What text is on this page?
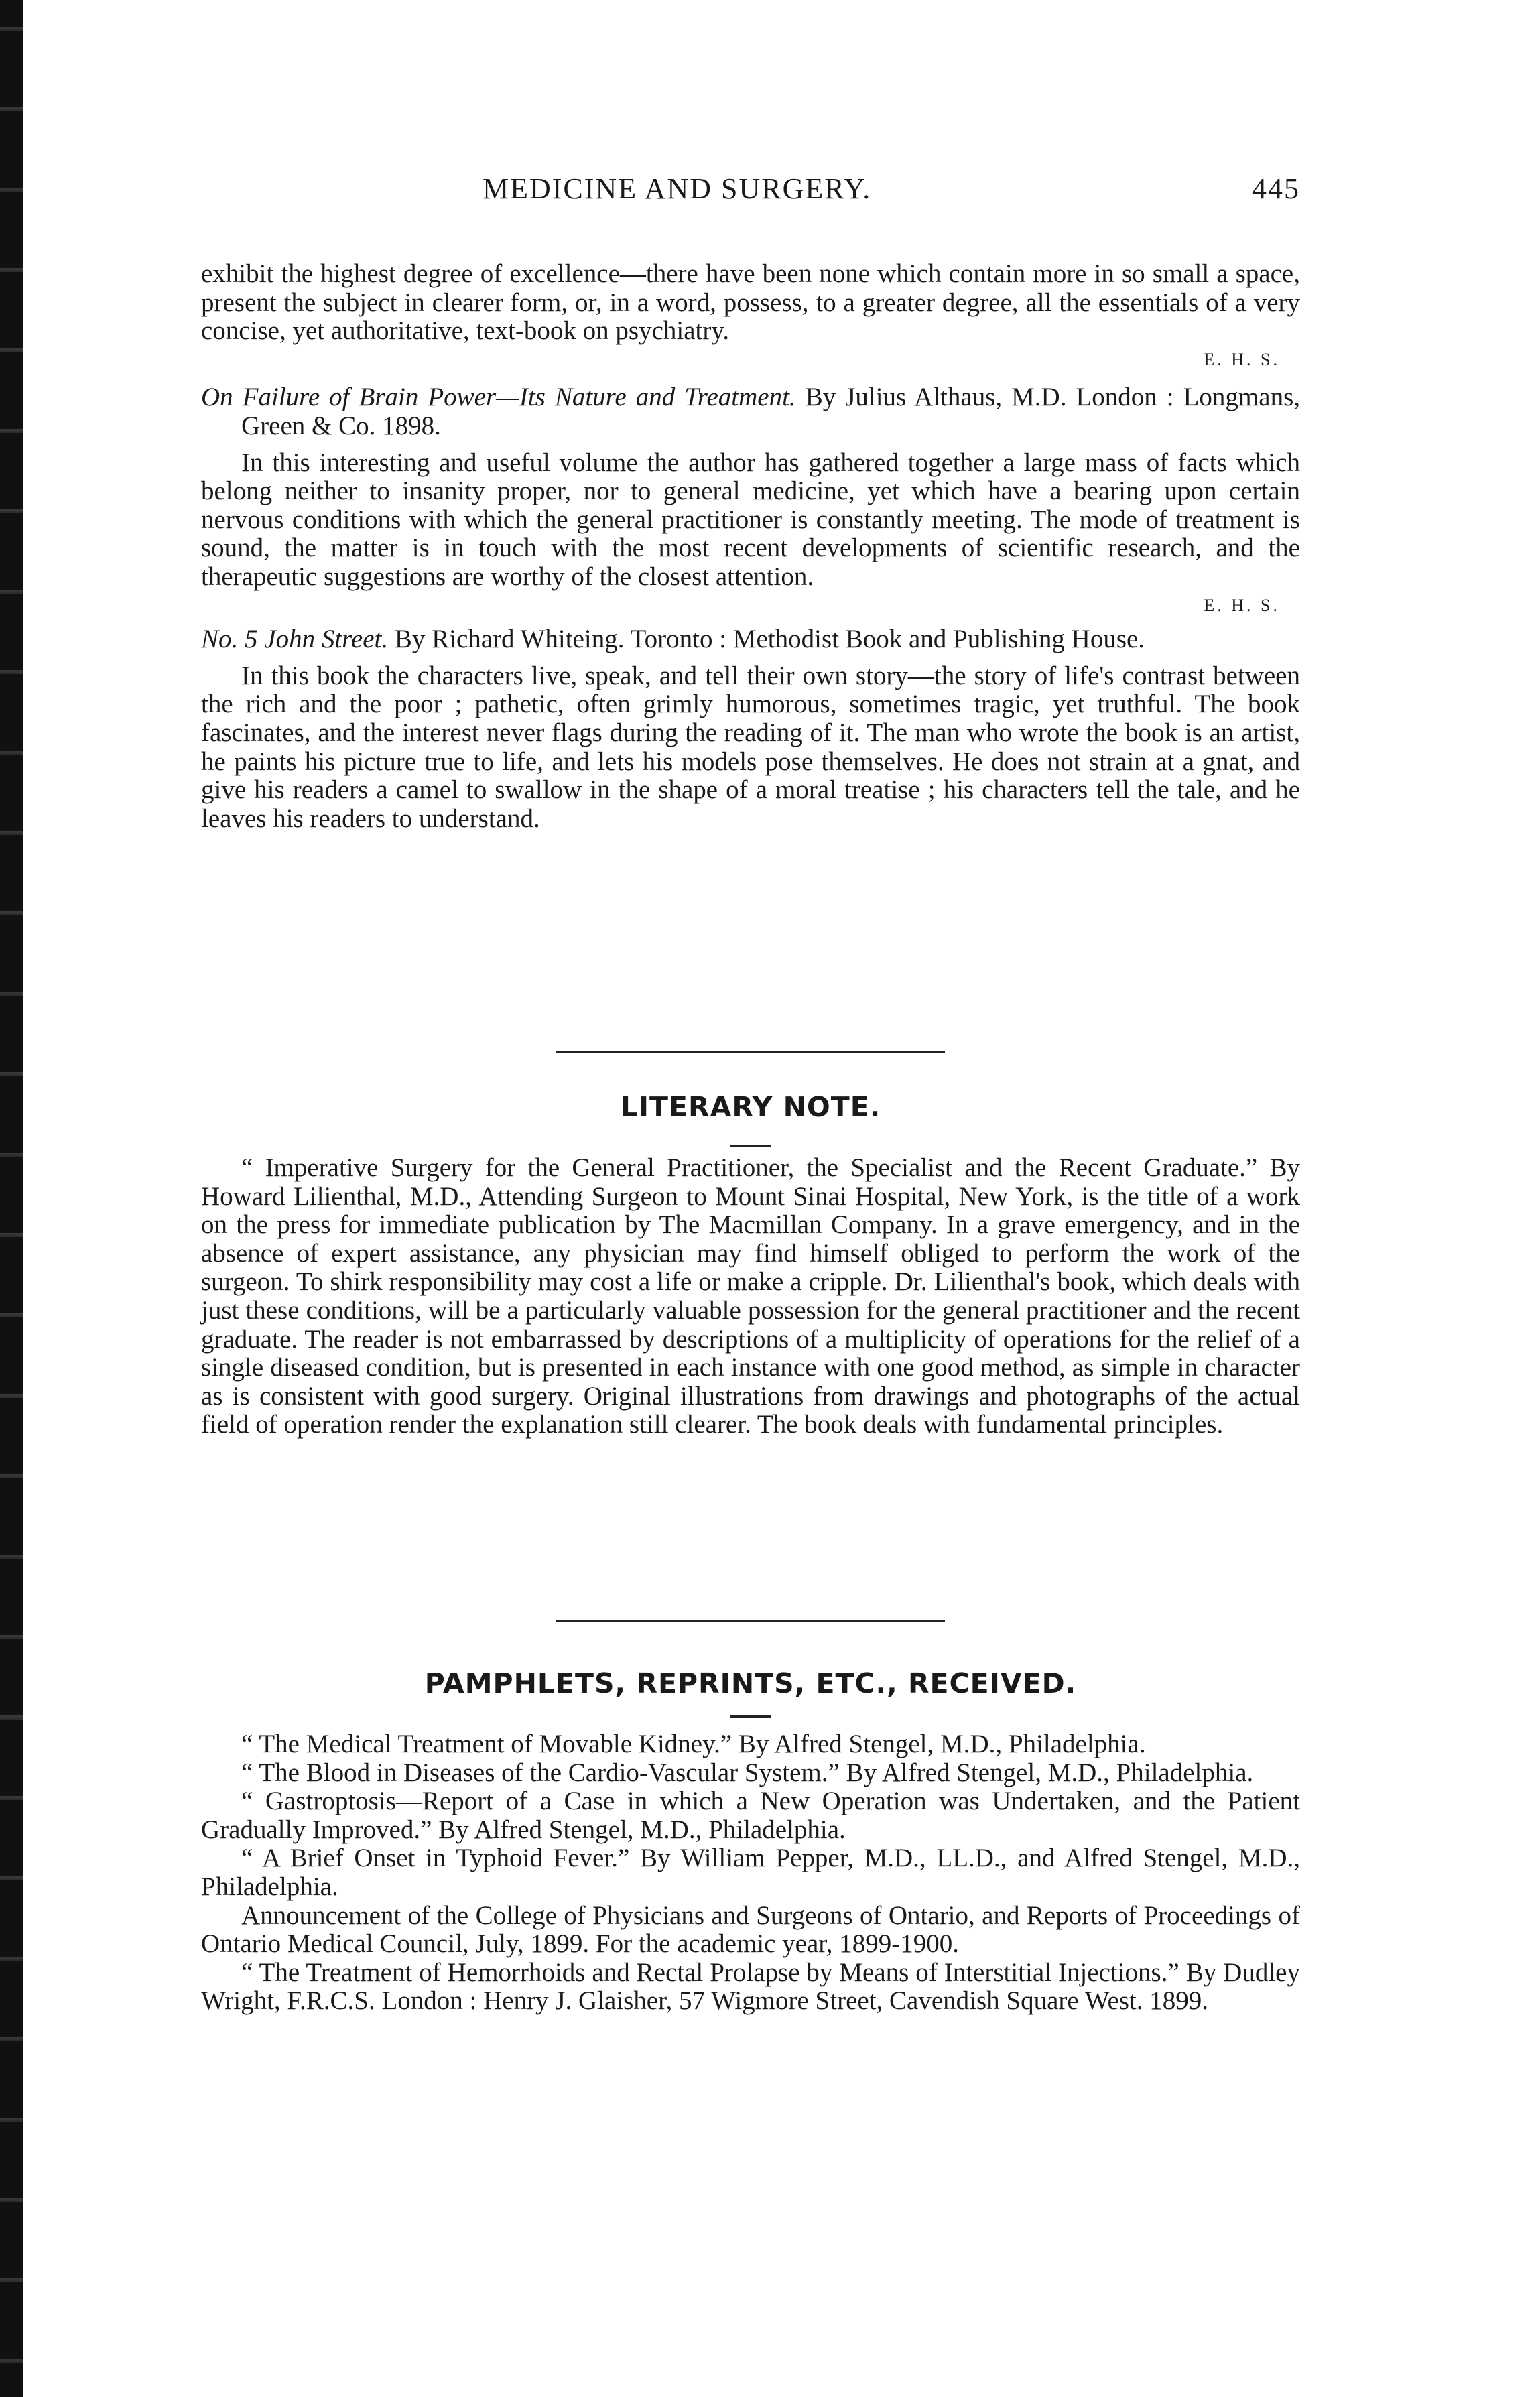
MEDICINE AND SURGERY.	445

exhibit the highest degree of excellence—there have been none which contain more in so small a space, present the subject in clearer form, or, in a word, possess, to a greater degree, all the essentials of a very concise, yet authoritative, text-book on psychiatry.

E. H. S.

On Failure of Brain Power—Its Nature and Treatment. By Julius Althaus, M.D. London : Longmans, Green & Co. 1898.

In this interesting and useful volume the author has gathered together a large mass of facts which belong neither to insanity proper, nor to general medicine, yet which have a bearing upon certain nervous conditions with which the general practitioner is constantly meeting. The mode of treatment is sound, the matter is in touch with the most recent developments of scientific research, and the therapeutic suggestions are worthy of the closest attention.

E. H. S.

No. 5 John Street. By Richard Whiteing. Toronto : Methodist Book and Publishing House.

In this book the characters live, speak, and tell their own story—the story of life's contrast between the rich and the poor ; pathetic, often grimly humorous, sometimes tragic, yet truthful. The book fascinates, and the interest never flags during the reading of it. The man who wrote the book is an artist, he paints his picture true to life, and lets his models pose themselves. He does not strain at a gnat, and give his readers a camel to swallow in the shape of a moral treatise ; his characters tell the tale, and he leaves his readers to understand.

LITERARY NOTE.

“ Imperative Surgery for the General Practitioner, the Specialist and the Recent Graduate.” By Howard Lilienthal, M.D., Attending Surgeon to Mount Sinai Hospital, New York, is the title of a work on the press for immediate publication by The Macmillan Company. In a grave emergency, and in the absence of expert assistance, any physician may find himself obliged to perform the work of the surgeon. To shirk responsibility may cost a life or make a cripple. Dr. Lilienthal's book, which deals with just these conditions, will be a particularly valuable possession for the general practitioner and the recent graduate. The reader is not embarrassed by descriptions of a multiplicity of operations for the relief of a single diseased condition, but is presented in each instance with one good method, as simple in character as is consistent with good surgery. Original illustrations from drawings and photographs of the actual field of operation render the explanation still clearer. The book deals with fundamental principles.

PAMPHLETS, REPRINTS, ETC., RECEIVED.

“ The Medical Treatment of Movable Kidney.” By Alfred Stengel, M.D., Philadelphia.

“ The Blood in Diseases of the Cardio-Vascular System.” By Alfred Stengel, M.D., Philadelphia.

“ Gastroptosis—Report of a Case in which a New Operation was Undertaken, and the Patient Gradually Improved.” By Alfred Stengel, M.D., Philadelphia.

“ A Brief Onset in Typhoid Fever.” By William Pepper, M.D., LL.D., and Alfred Stengel, M.D., Philadelphia.

Announcement of the College of Physicians and Surgeons of Ontario, and Reports of Proceedings of Ontario Medical Council, July, 1899. For the academic year, 1899-1900.

“ The Treatment of Hemorrhoids and Rectal Prolapse by Means of Interstitial Injections.” By Dudley Wright, F.R.C.S. London : Henry J. Glaisher, 57 Wigmore Street, Cavendish Square West. 1899.
